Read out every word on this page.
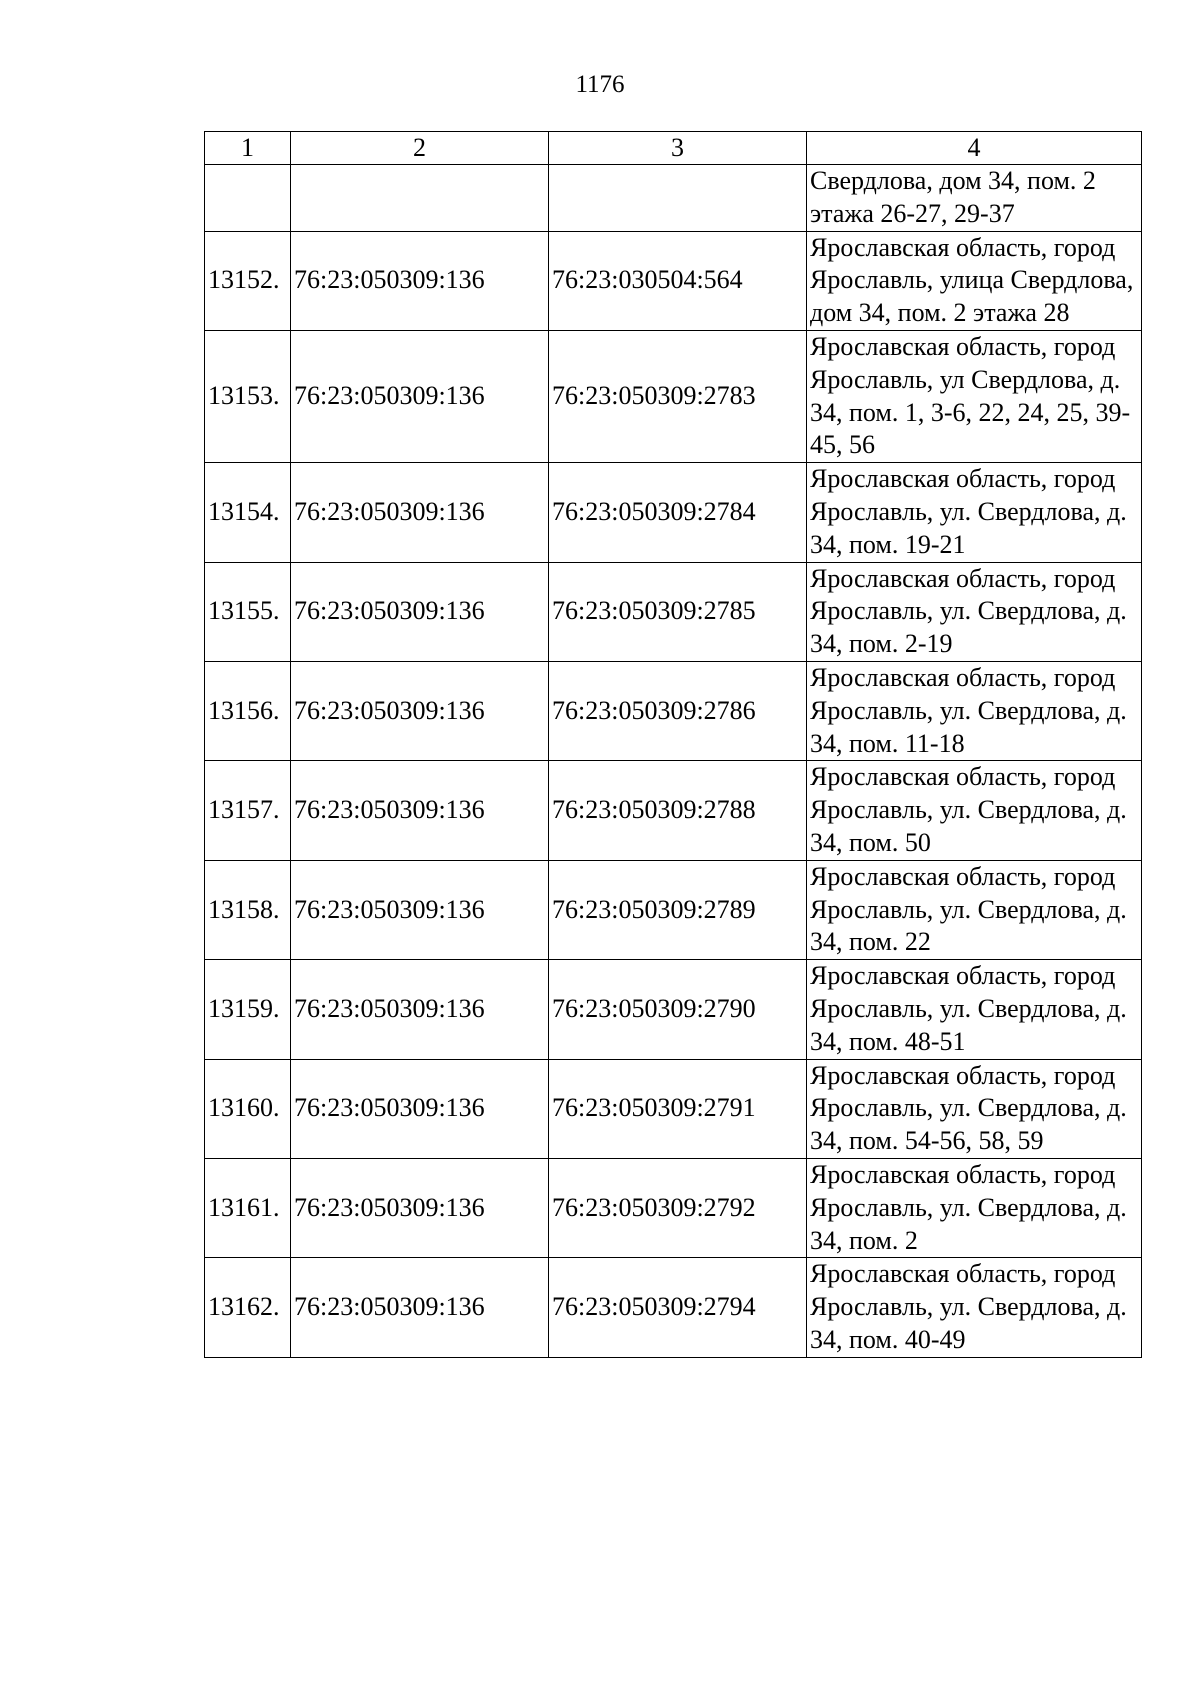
1176
1	2	3	4
			Свердлова, дом 34, пом. 2 этажа 26-27, 29-37
13152.	76:23:050309:136	76:23:030504:564	Ярославская область, город Ярославль, улица Свердлова, дом 34, пом. 2 этажа 28
13153.	76:23:050309:136	76:23:050309:2783	Ярославская область, город Ярославль, ул Свердлова, д. 34, пом. 1, 3-6, 22, 24, 25, 39-45, 56
13154.	76:23:050309:136	76:23:050309:2784	Ярославская область, город Ярославль, ул. Свердлова, д. 34, пом. 19-21
13155.	76:23:050309:136	76:23:050309:2785	Ярославская область, город Ярославль, ул. Свердлова, д. 34, пом. 2-19
13156.	76:23:050309:136	76:23:050309:2786	Ярославская область, город Ярославль, ул. Свердлова, д. 34, пом. 11-18
13157.	76:23:050309:136	76:23:050309:2788	Ярославская область, город Ярославль, ул. Свердлова, д. 34, пом. 50
13158.	76:23:050309:136	76:23:050309:2789	Ярославская область, город Ярославль, ул. Свердлова, д. 34, пом. 22
13159.	76:23:050309:136	76:23:050309:2790	Ярославская область, город Ярославль, ул. Свердлова, д. 34, пом. 48-51
13160.	76:23:050309:136	76:23:050309:2791	Ярославская область, город Ярославль, ул. Свердлова, д. 34, пом. 54-56, 58, 59
13161.	76:23:050309:136	76:23:050309:2792	Ярославская область, город Ярославль, ул. Свердлова, д. 34, пом. 2
13162.	76:23:050309:136	76:23:050309:2794	Ярославская область, город Ярославль, ул. Свердлова, д. 34, пом. 40-49
